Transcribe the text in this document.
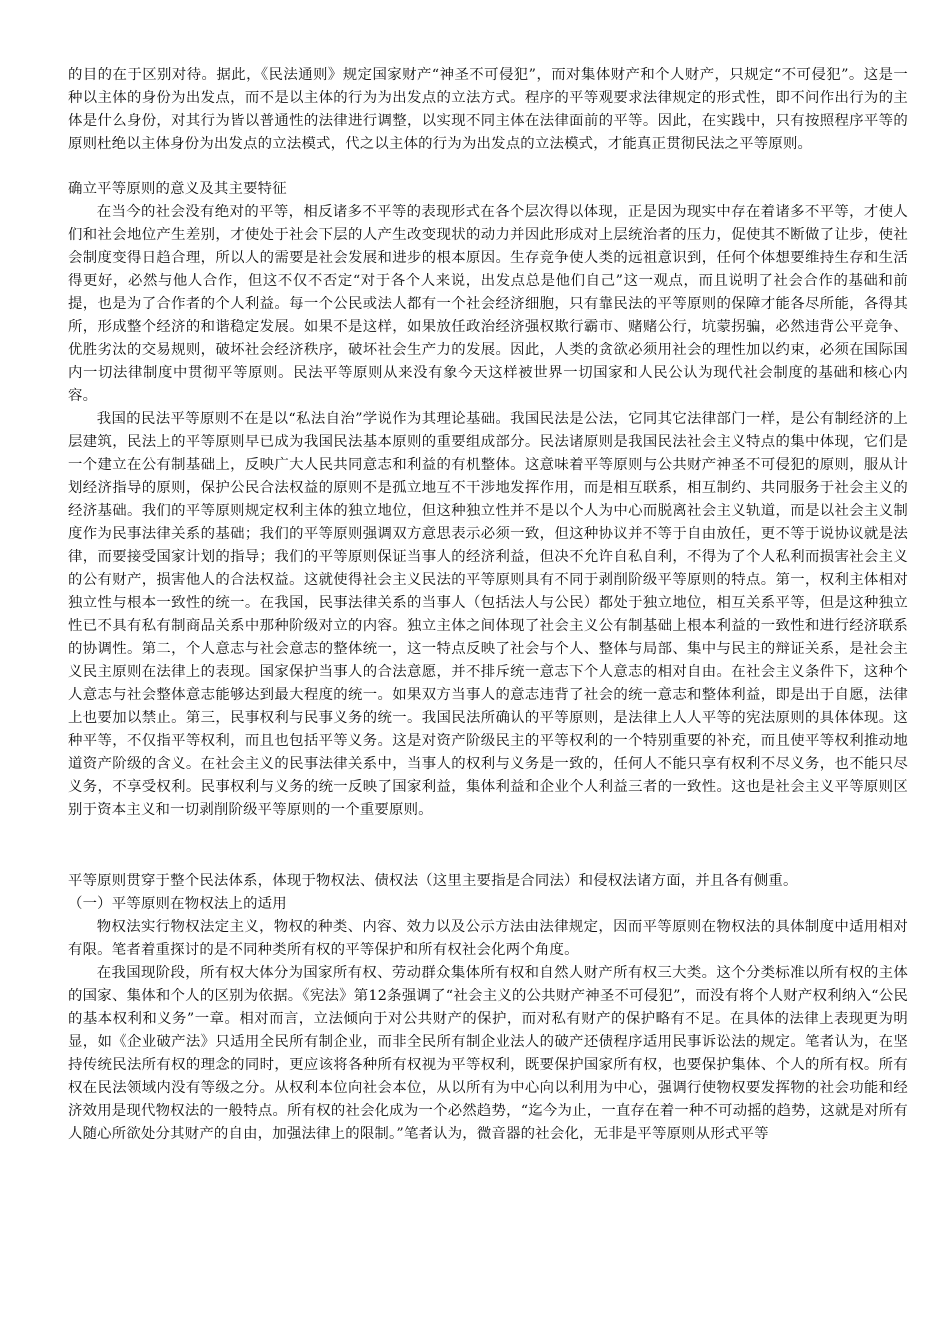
的目的在于区别对待。据此，《民法通则》规定国家财产“神圣不可侵犯”，而对集体财产和个人财产，只规定“不可侵犯”。这是一种以主体的身份为出发点，而不是以主体的行为为出发点的立法方式。程序的平等观要求法律规定的形式性，即不问作出行为的主体是什么身份，对其行为皆以普通性的法律进行调整，以实现不同主体在法律面前的平等。因此，在实践中，只有按照程序平等的原则杜绝以主体身份为出发点的立法模式，代之以主体的行为为出发点的立法模式，才能真正贯彻民法之平等原则。

确立平等原则的意义及其主要特征

在当今的社会没有绝对的平等，相反诸多不平等的表现形式在各个层次得以体现，正是因为现实中存在着诸多不平等，才使人们和社会地位产生差别，才使处于社会下层的人产生改变现状的动力并因此形成对上层统治者的压力，促使其不断做了让步，使社会制度变得日趋合理，所以人的需要是社会发展和进步的根本原因。生存竞争使人类的远祖意识到，任何个体想要维持生存和生活得更好，必然与他人合作，但这不仅不否定“对于各个人来说，出发点总是他们自己”这一观点，而且说明了社会合作的基础和前提，也是为了合作者的个人利益。每一个公民或法人都有一个社会经济细胞，只有靠民法的平等原则的保障才能各尽所能，各得其所，形成整个经济的和谐稳定发展。如果不是这样，如果放任政治经济强权欺行霸市、赌赌公行，坑蒙拐骗，必然违背公平竞争、优胜劣汰的交易规则，破坏社会经济秩序，破坏社会生产力的发展。因此，人类的贪欲必须用社会的理性加以约束，必须在国际国内一切法律制度中贯彻平等原则。民法平等原则从来没有象今天这样被世界一切国家和人民公认为现代社会制度的基础和核心内容。

我国的民法平等原则不在是以“私法自治”学说作为其理论基础。我国民法是公法，它同其它法律部门一样，是公有制经济的上层建筑，民法上的平等原则早已成为我国民法基本原则的重要组成部分。民法诸原则是我国民法社会主义特点的集中体现，它们是一个建立在公有制基础上，反映广大人民共同意志和利益的有机整体。这意味着平等原则与公共财产神圣不可侵犯的原则，服从计划经济指导的原则，保护公民合法权益的原则不是孤立地互不干涉地发挥作用，而是相互联系，相互制约、共同服务于社会主义的经济基础。我们的平等原则规定权利主体的独立地位，但这种独立性并不是以个人为中心而脱离社会主义轨道，而是以社会主义制度作为民事法律关系的基础；我们的平等原则强调双方意思表示必须一致，但这种协议并不等于自由放任，更不等于说协议就是法律，而要接受国家计划的指导；我们的平等原则保证当事人的经济利益，但决不允许自私自利，不得为了个人私利而损害社会主义的公有财产，损害他人的合法权益。这就使得社会主义民法的平等原则具有不同于剥削阶级平等原则的特点。第一，权利主体相对独立性与根本一致性的统一。在我国，民事法律关系的当事人（包括法人与公民）都处于独立地位，相互关系平等，但是这种独立性已不具有私有制商品关系中那种阶级对立的内容。独立主体之间体现了社会主义公有制基础上根本利益的一致性和进行经济联系的协调性。第二，个人意志与社会意志的整体统一，这一特点反映了社会与个人、整体与局部、集中与民主的辩证关系，是社会主义民主原则在法律上的表现。国家保护当事人的合法意愿，并不排斥统一意志下个人意志的相对自由。在社会主义条件下，这种个人意志与社会整体意志能够达到最大程度的统一。如果双方当事人的意志违背了社会的统一意志和整体利益，即是出于自愿，法律上也要加以禁止。第三，民事权利与民事义务的统一。我国民法所确认的平等原则，是法律上人人平等的宪法原则的具体体现。这种平等，不仅指平等权利，而且也包括平等义务。这是对资产阶级民主的平等权利的一个特别重要的补充，而且使平等权利推动地道资产阶级的含义。在社会主义的民事法律关系中，当事人的权利与义务是一致的，任何人不能只享有权利不尽义务，也不能只尽义务，不享受权利。民事权利与义务的统一反映了国家利益，集体利益和企业个人利益三者的一致性。这也是社会主义平等原则区别于资本主义和一切剥削阶级平等原则的一个重要原则。

平等原则贯穿于整个民法体系，体现于物权法、债权法（这里主要指是合同法）和侵权法诸方面，并且各有侧重。

（一）平等原则在物权法上的适用

物权法实行物权法定主义，物权的种类、内容、效力以及公示方法由法律规定，因而平等原则在物权法的具体制度中适用相对有限。笔者着重探讨的是不同种类所有权的平等保护和所有权社会化两个角度。

在我国现阶段，所有权大体分为国家所有权、劳动群众集体所有权和自然人财产所有权三大类。这个分类标准以所有权的主体的国家、集体和个人的区别为依据。《宪法》第12条强调了“社会主义的公共财产神圣不可侵犯”，而没有将个人财产权利纳入“公民的基本权利和义务”一章。相对而言，立法倾向于对公共财产的保护，而对私有财产的保护略有不足。在具体的法律上表现更为明显，如《企业破产法》只适用全民所有制企业，而非全民所有制企业法人的破产还债程序适用民事诉讼法的规定。笔者认为，在坚持传统民法所有权的理念的同时，更应该将各种所有权视为平等权利，既要保护国家所有权，也要保护集体、个人的所有权。所有权在民法领域内没有等级之分。从权利本位向社会本位，从以所有为中心向以利用为中心，强调行使物权要发挥物的社会功能和经济效用是现代物权法的一般特点。所有权的社会化成为一个必然趋势，“迄今为止，一直存在着一种不可动摇的趋势，这就是对所有人随心所欲处分其财产的自由，加强法律上的限制。”笔者认为，微音器的社会化，无非是平等原则从形式平等
